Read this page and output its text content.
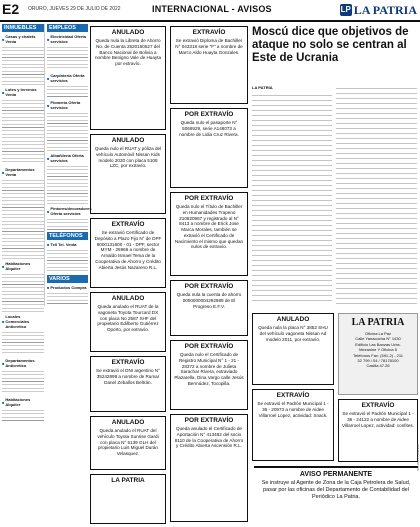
E2 ORURO, JUEVES 29 DE JULIO DE 2022	INTERNACIONAL - AVISOS	LP LA PATRIA
INMUEBLES
■ Casas y chalets Venta
■ Lotes y terrenos Venta
■ Departamentos Venta
■ Habitaciones Alquiler
■ Locales Comerciales Anticretico
■ Departamentos Anticretico
■ Habitaciones Alquiler
EMPLEOS
■ Electricidad Oferta servicios
■ Carpinteria Oferta servicios
■ Plomeria Oferta servicios
■ Albañileria Oferta servicios
■ Pintores/decoradores Oferta servicios
TELÉFONOS
■ Tell Tel. Venta
VARIOS
■ Productos Compra
ANULADO
Queda nula la Libreta de Ahorro No. de Cuenta 2520150527 del Banco Nacional de Bolivia a nombre Benigno Vale de Huayta por extravío.
ANULADO
Queda nulo el RUAT y póliza del vehículo Automóvil Nissan Kids modelo 2020 con placa 5108 LZC, por extravío.
EXTRAVÍO
Se extravió Certificado de Depósito a Plazo Fijo N° de DPF 6000131600 - 01 - DPF, sector MYM - 25966 a nombre de Arnaldo Ismael Tema de la Cooperativa de Ahorro y Crédito Abierta Jesús Nazareno R.L.
ANULADO
Queda anulado el RUAT de la vagoneta Toyota Tourcard DX con placa No 2587 XHF del propietario Edilberto Gutiérrez Oporto, por extravío.
EXTRAVÍO
Se extravió el DNI argentino N° 35242899 a nombre de Rumar Danel Zeballos Beltrán.
ANULADO
Queda anulado el RUAT del vehículo Toyota Sunrise Gardi con placa N° 5139 GLH del propietario Luis Miguel Durán Velasquez.
LA PATRIA
EXTRAVÍO
Se extravió Diploma de Bachiller N° 043318 serie "F" a nombre de Marco Aldo Huayta Gonzales.
POR EXTRAVÍO
Queda nulo el pasaporte N° 5066929, serie A146073 a nombre de Lidia Cruz Rivera.
POR EXTRAVÍO
Queda nulo el Título de Bachiller en Humanidades Trapeno 210820967 y registrado al N° 8413 a nombre de Erick Jose Marca Morales, también se extravió el Certificado de Nacimiento el mismo que quedan nulos de extravío.
POR EXTRAVÍO
Queda nula la cuenta de ahorro 0000000004292989 de El Progreso E.F.V.
POR EXTRAVÍO
Queda nulo el Certificado de Registro Municipal N° 1 - 21 - 28372 a nombre de Julieta Sarachar Rivera, extraviado Plazarella, Dina Vargo calle Jesús Bermúdez, Tocopilla.
POR EXTRAVÍO
Queda anulado el Certificado de Aportación N° 413482 del socio 8110 de la Cooperativa de Ahorro y Crédito Abierta Ascensión R.L.
Moscú dice que objetivos de ataque no solo se centran al Este de Ucrania
LA PATRIA
ANULADO
Queda nula la placa N° 3852 SHU del vehículo vagoneta Nissan Ad modelo 2011, por extravío.
EXTRAVÍO
Se extravió el Padrón Municipal 1 - 36 - 20973 a nombre de Aidee Villarroel Lopez, actividad: Snack.
LA PATRIA
Oficina La Paz
Calle Yanacocha N° 1430
Edificio Las Banzas Urbs.
Mezanine Y Oficina 5
Teléfonos Fax: (591-2) - 211
32 799 / 04 / 78178100
Casilla 47.26
EXTRAVÍO
Se extravió el Padrón Municipal 1 - 36 - 24122 a nombre de Aidee Villarroel Lopez, actividad: confites.
AVISO PERMANENTE
Se instruye al Agente de Zona de la Caja Petrolera de Salud, pasar por las oficinas del Departamento de Contabilidad del Periódico La Patria.
ORURO LA PATRIA
